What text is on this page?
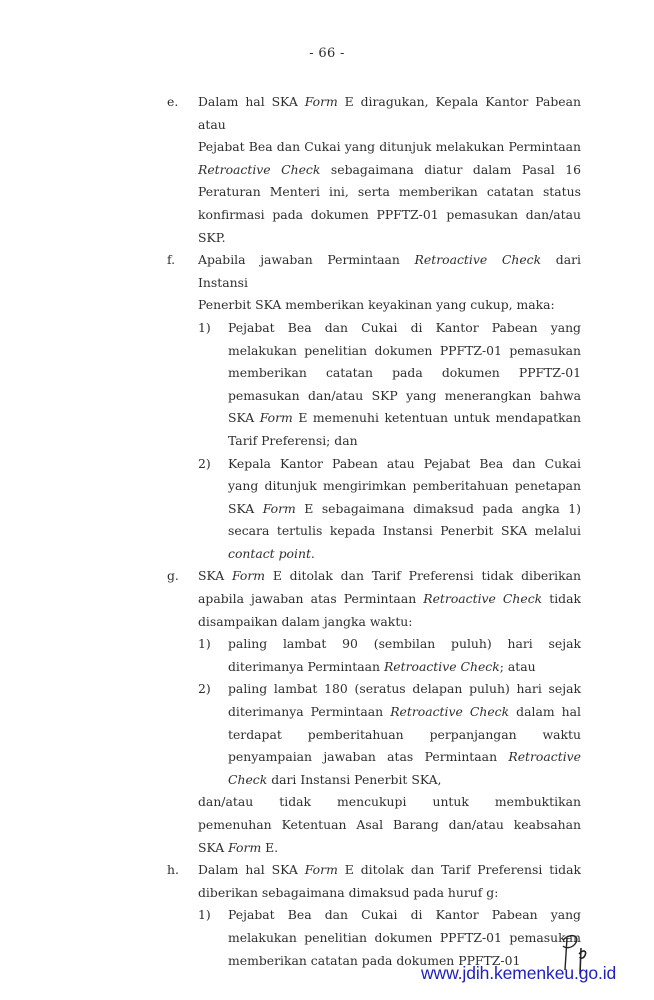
- 66 -
e. Dalam hal SKA Form E diragukan, Kepala Kantor Pabean atau
Pejabat Bea dan Cukai yang ditunjuk melakukan Permintaan
Retroactive Check sebagaimana diatur dalam Pasal 16
Peraturan Menteri ini, serta memberikan catatan status
konfirmasi pada dokumen PPFTZ-01 pemasukan dan/atau
SKP.
f. Apabila jawaban Permintaan Retroactive Check dari Instansi
Penerbit SKA memberikan keyakinan yang cukup, maka:
1) Pejabat Bea dan Cukai di Kantor Pabean yang
melakukan penelitian dokumen PPFTZ-01 pemasukan
memberikan catatan pada dokumen PPFTZ-01
pemasukan dan/atau SKP yang menerangkan bahwa
SKA Form E memenuhi ketentuan untuk mendapatkan
Tarif Preferensi; dan
2) Kepala Kantor Pabean atau Pejabat Bea dan Cukai
yang ditunjuk mengirimkan pemberitahuan penetapan
SKA Form E sebagaimana dimaksud pada angka 1)
secara tertulis kepada Instansi Penerbit SKA melalui
contact point.
g. SKA Form E ditolak dan Tarif Preferensi tidak diberikan
apabila jawaban atas Permintaan Retroactive Check tidak
disampaikan dalam jangka waktu:
1) paling lambat 90 (sembilan puluh) hari sejak
diterimanya Permintaan Retroactive Check; atau
2) paling lambat 180 (seratus delapan puluh) hari sejak
diterimanya Permintaan Retroactive Check dalam hal
terdapat pemberitahuan perpanjangan waktu
penyampaian jawaban atas Permintaan Retroactive
Check dari Instansi Penerbit SKA,
dan/atau tidak mencukupi untuk membuktikan
pemenuhan Ketentuan Asal Barang dan/atau keabsahan
SKA Form E.
h. Dalam hal SKA Form E ditolak dan Tarif Preferensi tidak
diberikan sebagaimana dimaksud pada huruf g:
1) Pejabat Bea dan Cukai di Kantor Pabean yang
melakukan penelitian dokumen PPFTZ-01 pemasukan
memberikan catatan pada dokumen PPFTZ-01
www.jdih.kemenkeu.go.id
